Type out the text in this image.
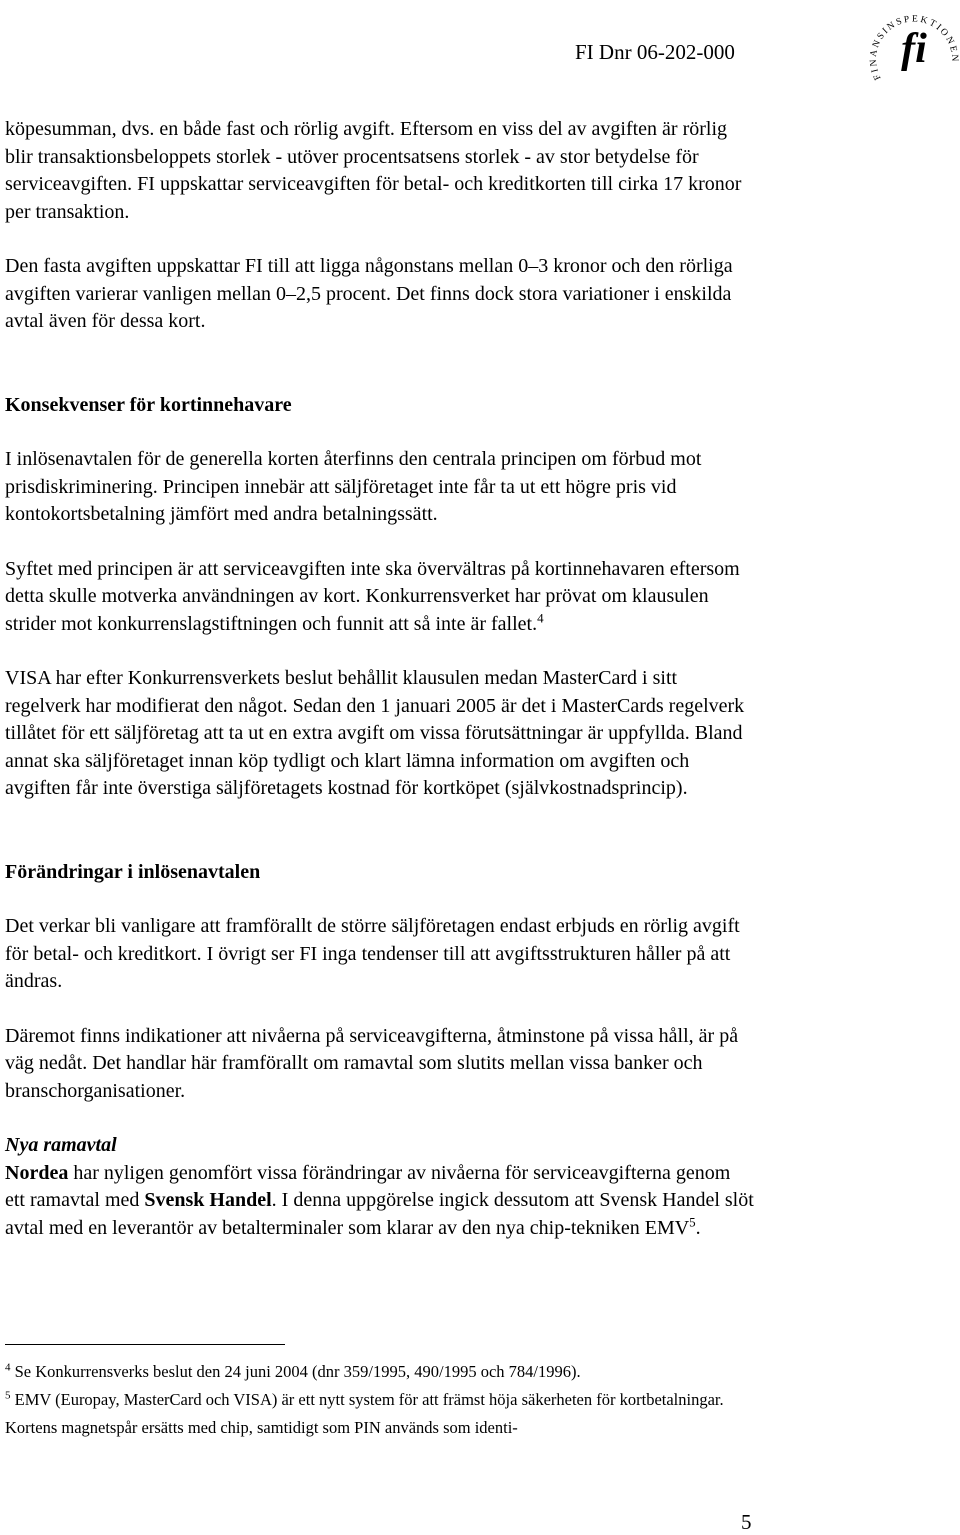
FI Dnr 06-202-000
FINANSINSPEKTIONEN
fi

köpesumman, dvs. en både fast och rörlig avgift. Eftersom en viss del av avgiften är rörlig blir transaktionsbeloppets storlek - utöver procentsatsens storlek - av stor betydelse för serviceavgiften. FI uppskattar serviceavgiften för betal- och kreditkorten till cirka 17 kronor per transaktion.

Den fasta avgiften uppskattar FI till att ligga någonstans mellan 0–3 kronor och den rörliga avgiften varierar vanligen mellan 0–2,5 procent. Det finns dock stora variationer i enskilda avtal även för dessa kort.

Konsekvenser för kortinnehavare

I inlösenavtalen för de generella korten återfinns den centrala principen om förbud mot prisdiskriminering. Principen innebär att säljföretaget inte får ta ut ett högre pris vid kontokortsbetalning jämfört med andra betalningssätt.

Syftet med principen är att serviceavgiften inte ska övervältras på kortinnehavaren eftersom detta skulle motverka användningen av kort. Konkurrensverket har prövat om klausulen strider mot konkurrenslagstiftningen och funnit att så inte är fallet.$^4$

VISA har efter Konkurrensverkets beslut behållit klausulen medan MasterCard i sitt regelverk har modifierat den något. Sedan den 1 januari 2005 är det i MasterCards regelverk tillåtet för ett säljföretag att ta ut en extra avgift om vissa förutsättningar är uppfyllda. Bland annat ska säljföretaget innan köp tydligt och klart lämna information om avgiften och avgiften får inte överstiga säljföretagets kostnad för kortköpet (självkostnadsprincip).

Förändringar i inlösenavtalen

Det verkar bli vanligare att framförallt de större säljföretagen endast erbjuds en rörlig avgift för betal- och kreditkort. I övrigt ser FI inga tendenser till att avgiftsstrukturen håller på att ändras.

Däremot finns indikationer att nivåerna på serviceavgifterna, åtminstone på vissa håll, är på väg nedåt. Det handlar här framförallt om ramavtal som slutits mellan vissa banker och branschorganisationer.

Nya ramavtal

Nordea har nyligen genomfört vissa förändringar av nivåerna för serviceavgifterna genom ett ramavtal med Svensk Handel. I denna uppgörelse ingick dessutom att Svensk Handel slöt avtal med en leverantör av betalterminaler som klarar av den nya chip-tekniken EMV$^5$.

$^4$ Se Konkurrensverks beslut den 24 juni 2004 (dnr 359/1995, 490/1995 och 784/1996).
$^5$ EMV (Europay, MasterCard och VISA) är ett nytt system för att främst höja säkerheten för kortbetalningar. Kortens magnetspår ersätts med chip, samtidigt som PIN används som identi-
5
